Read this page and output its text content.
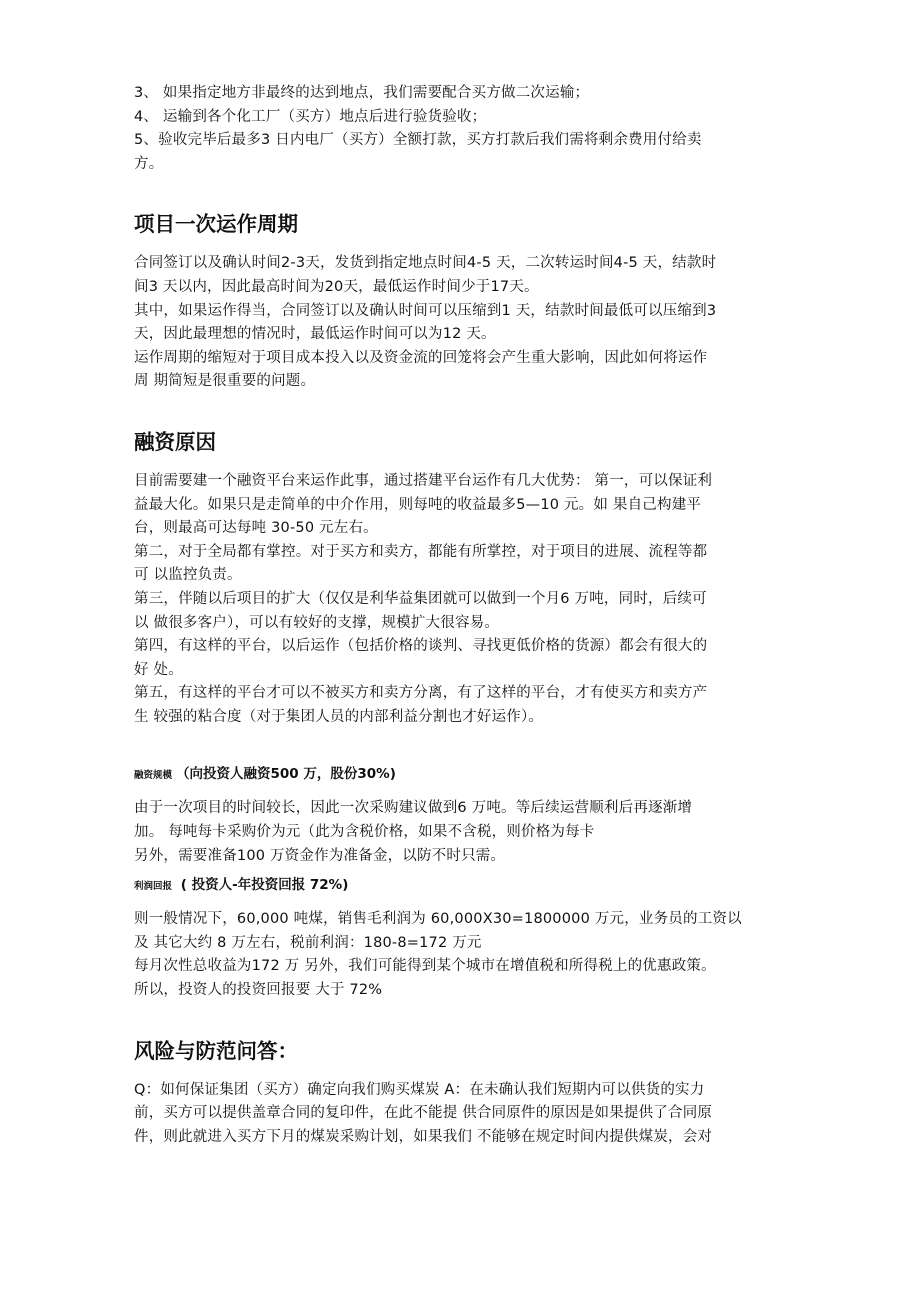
3、 如果指定地方非最终的达到地点，我们需要配合买方做二次运输；
4、 运输到各个化工厂（买方）地点后进行验货验收；
5、验收完毕后最多3 日内电厂（买方）全额打款，买方打款后我们需将剩余费用付给卖
方。
项目一次运作周期
合同签订以及确认时间2-3天，发货到指定地点时间4-5 天，二次转运时间4-5 天，结款时
间3 天以内，因此最高时间为20天，最低运作时间少于17天。
其中，如果运作得当，合同签订以及确认时间可以压缩到1 天，结款时间最低可以压缩到3
天，因此最理想的情况时，最低运作时间可以为12 天。
运作周期的缩短对于项目成本投入以及资金流的回笼将会产生重大影响，因此如何将运作
周 期简短是很重要的问题。
融资原因
目前需要建一个融资平台来运作此事，通过搭建平台运作有几大优势： 第一，可以保证利
益最大化。如果只是走简单的中介作用，则每吨的收益最多5—10 元。如 果自己构建平
台，则最高可达每吨 30-50 元左右。
第二，对于全局都有掌控。对于买方和卖方，都能有所掌控，对于项目的进展、流程等都
可 以监控负责。
第三，伴随以后项目的扩大（仅仅是利华益集团就可以做到一个月6 万吨，同时，后续可
以 做很多客户），可以有较好的支撑，规模扩大很容易。
第四，有这样的平台，以后运作（包括价格的谈判、寻找更低价格的货源）都会有很大的
好 处。
第五，有这样的平台才可以不被买方和卖方分离，有了这样的平台，才有使买方和卖方产
生 较强的粘合度（对于集团人员的内部利益分割也才好运作）。
融资规模 （向投资人融资500 万，股份30%)
由于一次项目的时间较长，因此一次采购建议做到6 万吨。等后续运营顺利后再逐渐增
加。 每吨每卡采购价为元（此为含税价格，如果不含税，则价格为每卡
另外，需要准备100 万资金作为准备金，以防不时只需。
利润回报 ( 投资人-年投资回报 72%)
则一般情况下，60,000 吨煤，销售毛利润为 60,000X30=1800000 万元，业务员的工资以
及 其它大约 8 万左右，税前利润：180-8=172 万元
每月次性总收益为172 万 另外，我们可能得到某个城市在增值税和所得税上的优惠政策。
所以，投资人的投资回报要 大于 72%
风险与防范问答：
Q：如何保证集团（买方）确定向我们购买煤炭 A：在未确认我们短期内可以供货的实力
前，买方可以提供盖章合同的复印件，在此不能提 供合同原件的原因是如果提供了合同原
件，则此就进入买方下月的煤炭采购计划，如果我们 不能够在规定时间内提供煤炭，会对
